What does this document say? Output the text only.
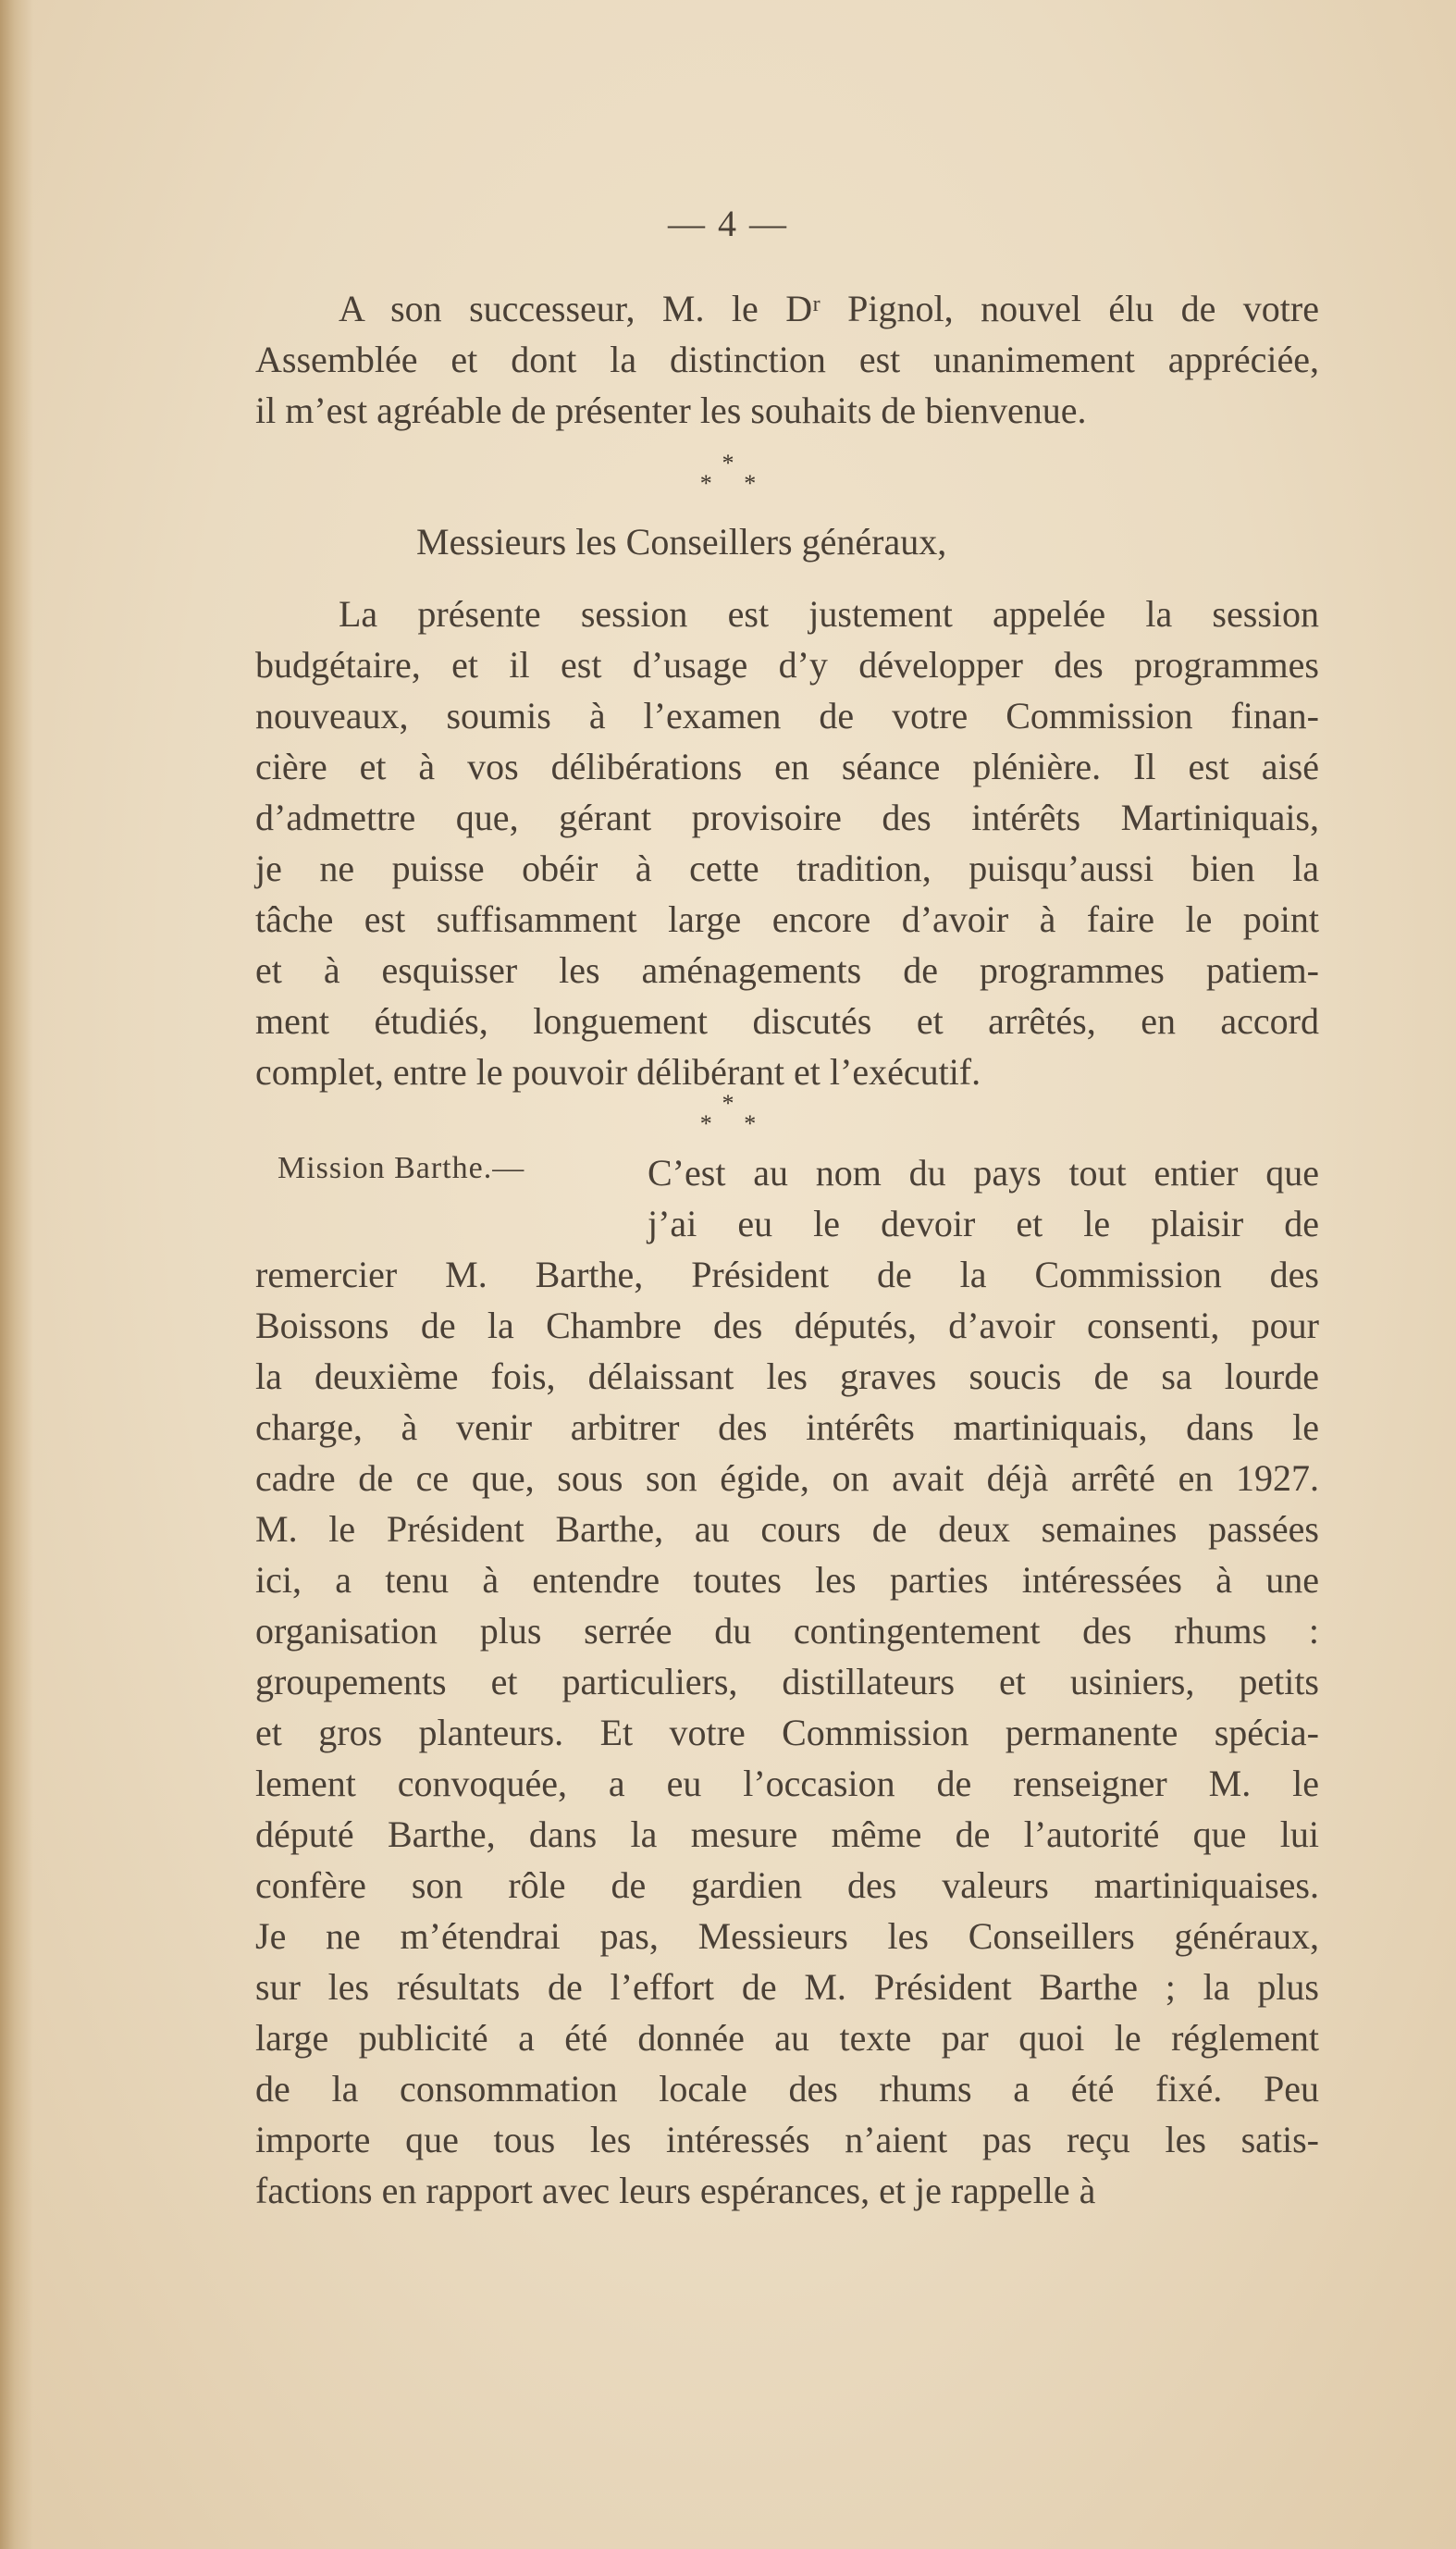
— 4 —

A son successeur, M. le Dʳ Pignol, nouvel élu de votre
Assemblée et dont la distinction est unanimement appréciée,
il m’est agréable de présenter les souhaits de bienvenue.

*
* *
Messieurs les Conseillers généraux,

La présente session est justement appelée la session
budgétaire, et il est d’usage d’y développer des programmes
nouveaux, soumis à l’examen de votre Commission finan-
cière et à vos délibérations en séance plénière. Il est aisé
d’admettre que, gérant provisoire des intérêts Martiniquais,
je ne puisse obéir à cette tradition, puisqu’aussi bien la
tâche est suffisamment large encore d’avoir à faire le point
et à esquisser les aménagements de programmes patiem-
ment étudiés, longuement discutés et arrêtés, en accord
complet, entre le pouvoir délibérant et l’exécutif.

*
* *
Mission Barthe.—	C’est au nom du pays tout entier que
j’ai eu le devoir et le plaisir de

remercier M. Barthe, Président de la Commission des
Boissons de la Chambre des députés, d’avoir consenti, pour
la deuxième fois, délaissant les graves soucis de sa lourde
charge, à venir arbitrer des intérêts martiniquais, dans le
cadre de ce que, sous son égide, on avait déjà arrêté en 1927.
M. le Président Barthe, au cours de deux semaines passées
ici, a tenu à entendre toutes les parties intéressées à une
organisation plus serrée du contingentement des rhums :
groupements et particuliers, distillateurs et usiniers, petits
et gros planteurs. Et votre Commission permanente spécia-
lement convoquée, a eu l’occasion de renseigner M. le
député Barthe, dans la mesure même de l’autorité que lui
confère son rôle de gardien des valeurs martiniquaises.
Je ne m’étendrai pas, Messieurs les Conseillers généraux,
sur les résultats de l’effort de M. Président Barthe ; la plus
large publicité a été donnée au texte par quoi le réglement
de la consommation locale des rhums a été fixé. Peu
importe que tous les intéressés n’aient pas reçu les satis-
factions en rapport avec leurs espérances, et je rappelle à
